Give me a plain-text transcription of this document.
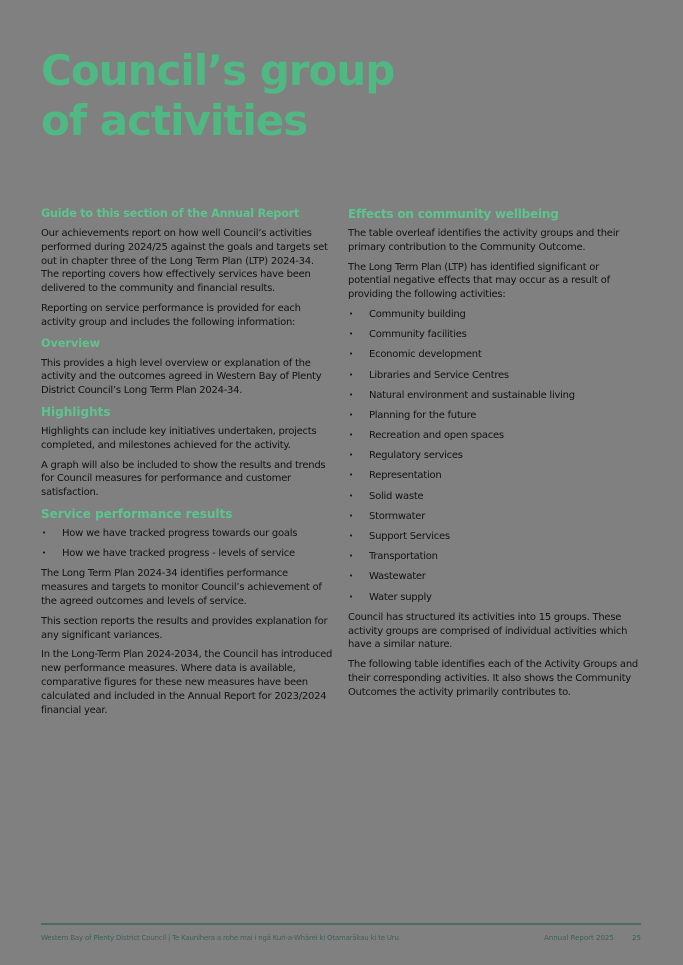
Council’s group
of activities
Guide to this section of the Annual Report

Our achievements report on how well Council’s activities performed during 2024/25 against the goals and targets set out in chapter three of the Long Term Plan (LTP) 2024-34. The reporting covers how effectively services have been delivered to the community and financial results.

Reporting on service performance is provided for each activity group and includes the following information:

Overview

This provides a high level overview or explanation of the activity and the outcomes agreed in Western Bay of Plenty District Council’s Long Term Plan 2024-34.

Highlights

Highlights can include key initiatives undertaken, projects completed, and milestones achieved for the activity.

A graph will also be included to show the results and trends for Council measures for performance and customer satisfaction.

Service performance results
• How we have tracked progress towards our goals
• How we have tracked progress - levels of service

The Long Term Plan 2024-34 identifies performance measures and targets to monitor Council’s achievement of the agreed outcomes and levels of service.

This section reports the results and provides explanation for any significant variances.

In the Long-Term Plan 2024-2034, the Council has introduced new performance measures. Where data is available, comparative figures for these new measures have been calculated and included in the Annual Report for 2023/2024 financial year.

Effects on community wellbeing

The table overleaf identifies the activity groups and their primary contribution to the Community Outcome.

The Long Term Plan (LTP) has identified significant or potential negative effects that may occur as a result of providing the following activities:

• Community building
• Community facilities
• Economic development
• Libraries and Service Centres
• Natural environment and sustainable living
• Planning for the future
• Recreation and open spaces
• Regulatory services
• Representation
• Solid waste
• Stormwater
• Support Services
• Transportation
• Wastewater
• Water supply

Council has structured its activities into 15 groups. These activity groups are comprised of individual activities which have a similar nature.

The following table identifies each of the Activity Groups and their corresponding activities. It also shows the Community Outcomes the activity primarily contributes to.

Western Bay of Plenty District Council | Te Kaunihera a rohe mai i ngā Kuri-a-Whārei ki Otamarākau ki te Uru	Annual Report 2025	25
